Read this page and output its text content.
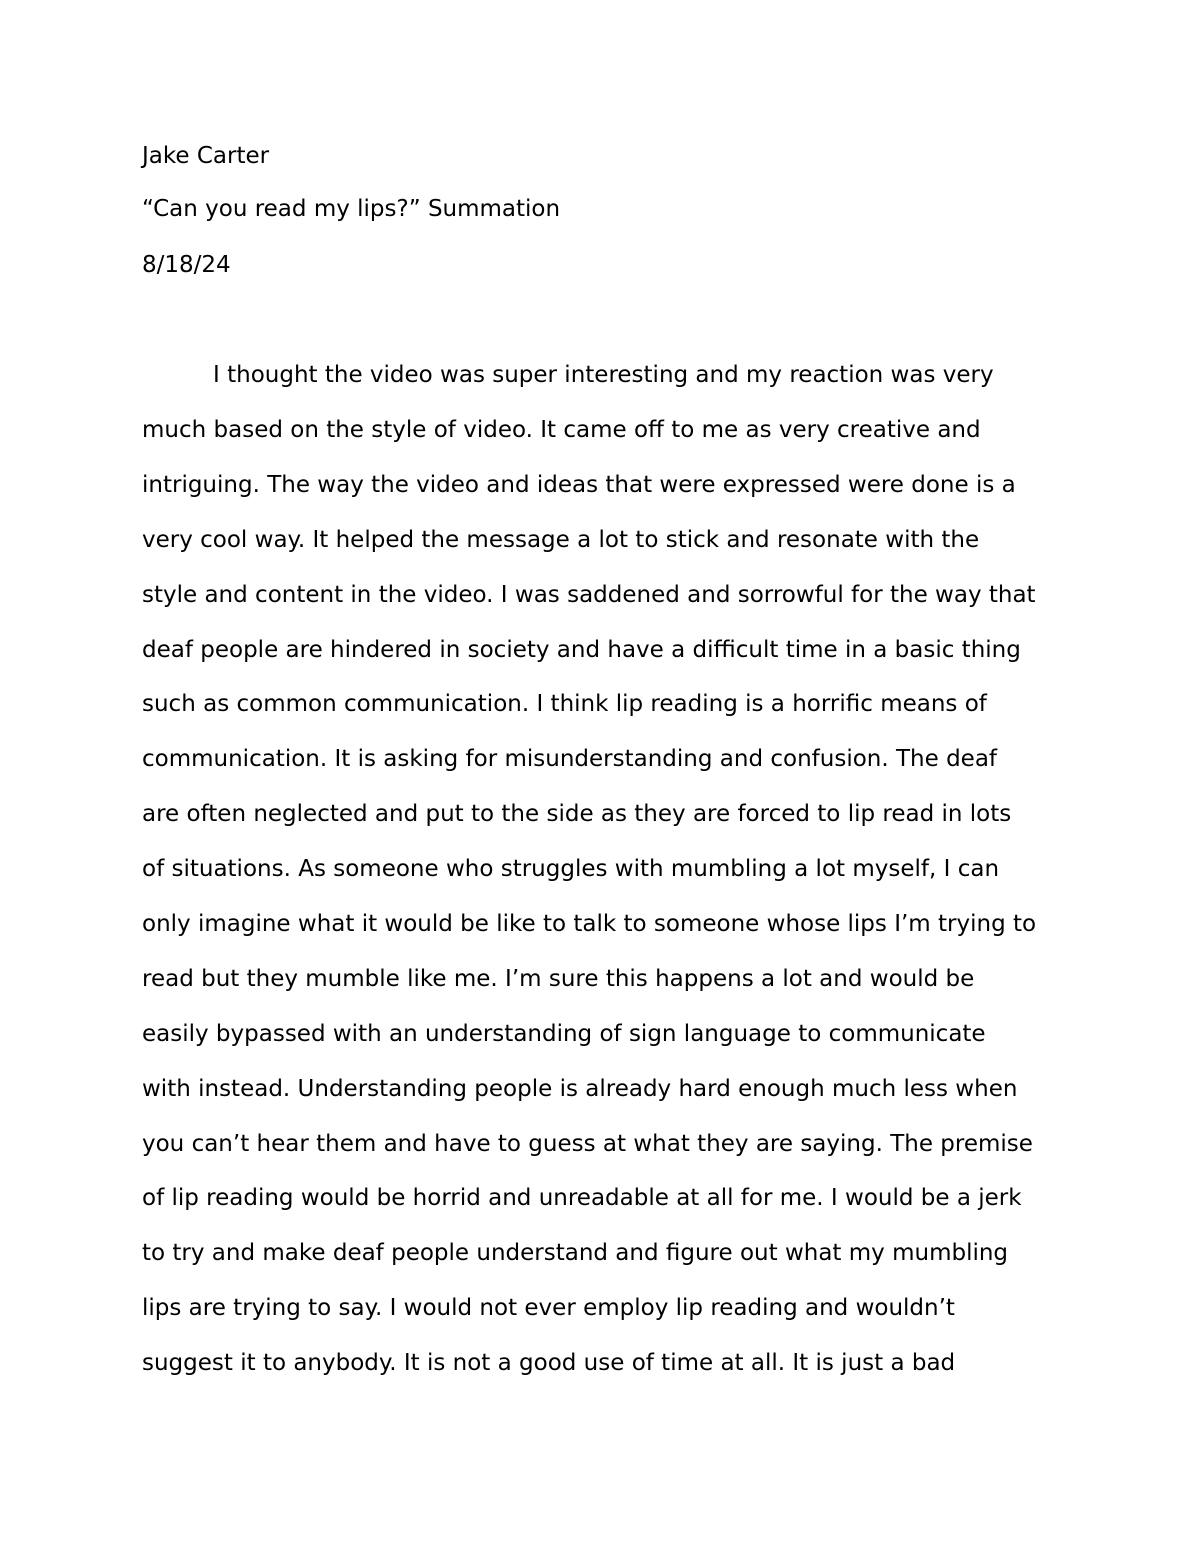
Jake Carter

“Can you read my lips?” Summation

8/18/24

I thought the video was super interesting and my reaction was very

much based on the style of video. It came off to me as very creative and

intriguing. The way the video and ideas that were expressed were done is a

very cool way. It helped the message a lot to stick and resonate with the

style and content in the video. I was saddened and sorrowful for the way that

deaf people are hindered in society and have a difficult time in a basic thing

such as common communication. I think lip reading is a horrific means of

communication. It is asking for misunderstanding and confusion. The deaf

are often neglected and put to the side as they are forced to lip read in lots

of situations. As someone who struggles with mumbling a lot myself, I can

only imagine what it would be like to talk to someone whose lips I’m trying to

read but they mumble like me. I’m sure this happens a lot and would be

easily bypassed with an understanding of sign language to communicate

with instead. Understanding people is already hard enough much less when

you can’t hear them and have to guess at what they are saying. The premise

of lip reading would be horrid and unreadable at all for me. I would be a jerk

to try and make deaf people understand and figure out what my mumbling

lips are trying to say. I would not ever employ lip reading and wouldn’t

suggest it to anybody. It is not a good use of time at all. It is just a bad
